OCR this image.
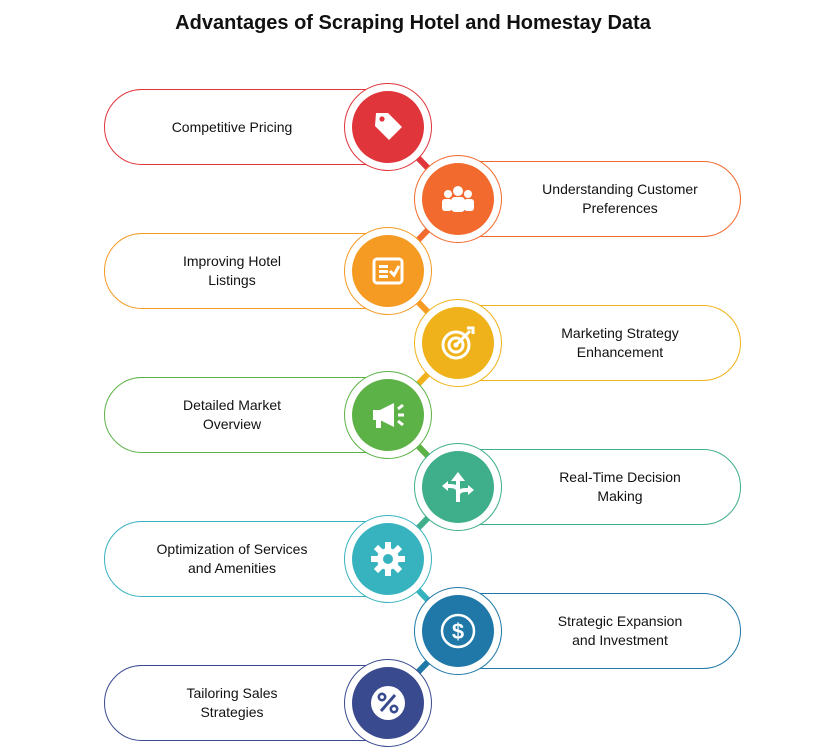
Advantages of Scraping Hotel and Homestay Data
Competitive Pricing
Understanding Customer
Preferences
Improving Hotel
Listings
Marketing Strategy
Enhancement
Detailed Market
Overview
Real-Time Decision
Making
Optimization of Services
and Amenities
Strategic Expansion
and Investment
Tailoring Sales
Strategies
$
